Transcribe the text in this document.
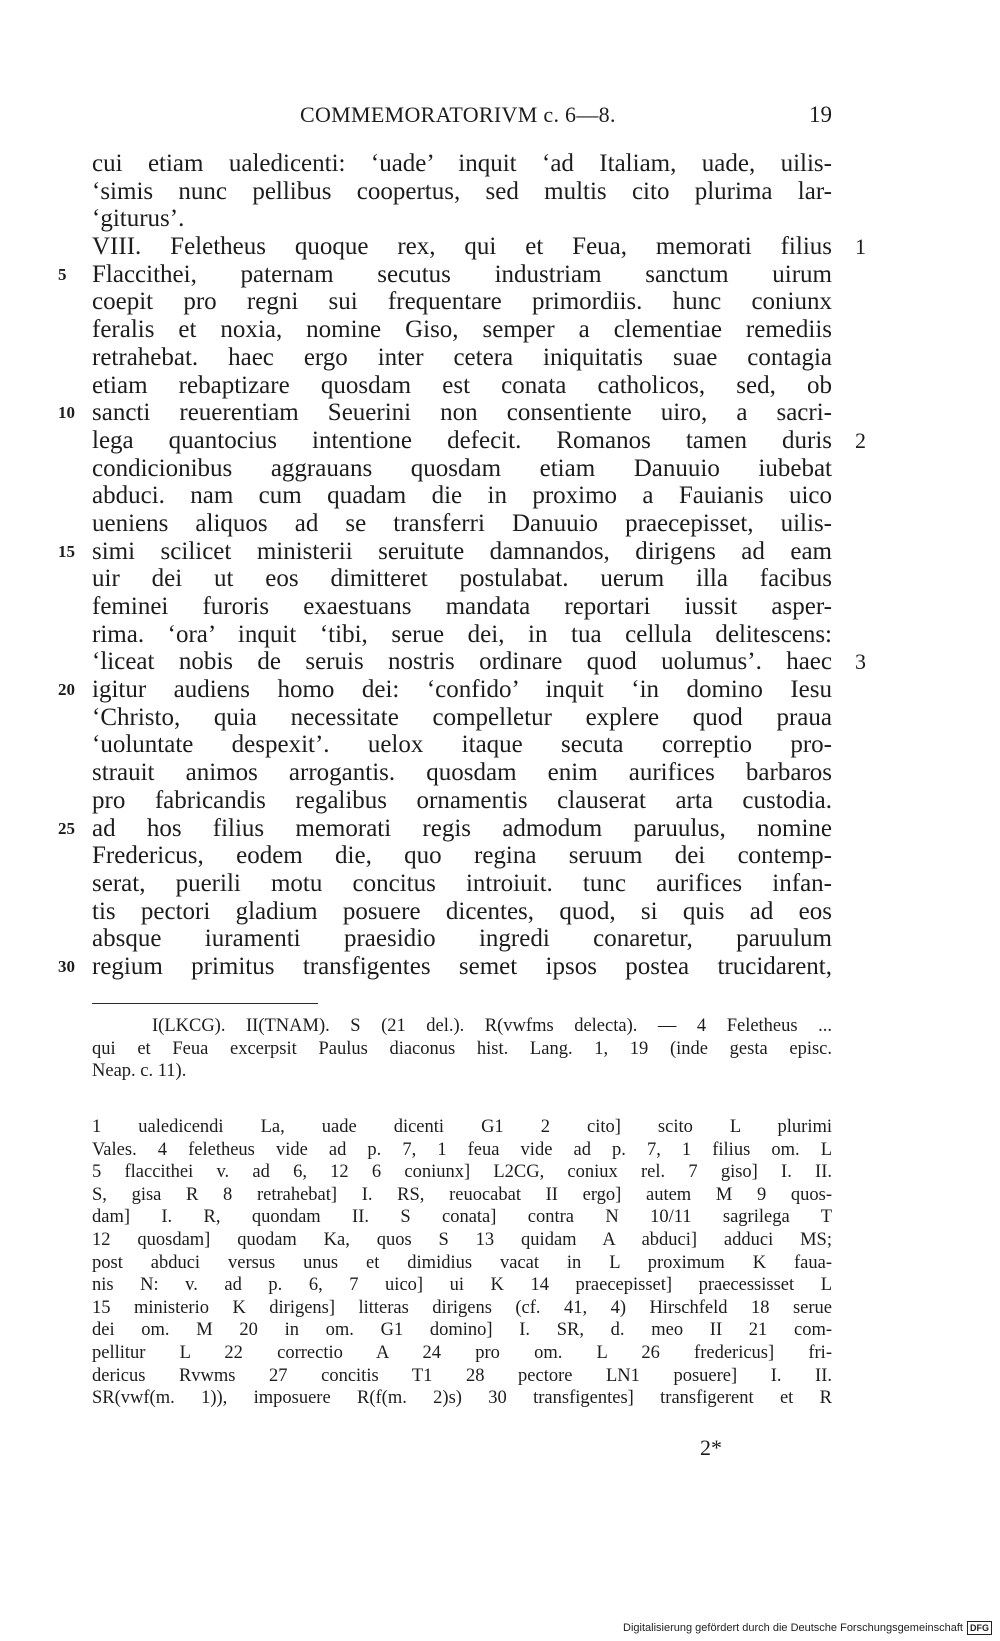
COMMEMORATORIVM c. 6—8.	19
cui etiam ualedicenti: ‘uade’ inquit ‘ad Italiam, uade, uilis-
‘simis nunc pellibus coopertus, sed multis cito plurima lar-
‘giturus’.
VIII. Feletheus quoque rex, qui et Feua, memorati filius 1
Flaccithei, paternam secutus industriam sanctum uirum
5
coepit pro regni sui frequentare primordiis. hunc coniunx
feralis et noxia, nomine Giso, semper a clementiae remediis
retrahebat. haec ergo inter cetera iniquitatis suae contagia
etiam rebaptizare quosdam est conata catholicos, sed, ob
sancti reuerentiam Seuerini non consentiente uiro, a sacri-
10
lega quantocius intentione defecit. Romanos tamen duris 2
condicionibus aggrauans quosdam etiam Danuuio iubebat
abduci. nam cum quadam die in proximo a Fauianis uico
ueniens aliquos ad se transferri Danuuio praecepisset, uilis-
simi scilicet ministerii seruitute damnandos, dirigens ad eam
15
uir dei ut eos dimitteret postulabat. uerum illa facibus
feminei furoris exaestuans mandata reportari iussit asper-
rima. ‘ora’ inquit ‘tibi, serue dei, in tua cellula delitescens:
‘liceat nobis de seruis nostris ordinare quod uolumus’. haec 3
igitur audiens homo dei: ‘confido’ inquit ‘in domino Iesu
20
‘Christo, quia necessitate compelletur explere quod praua
‘uoluntate despexit’. uelox itaque secuta correptio pro-
strauit animos arrogantis. quosdam enim aurifices barbaros
pro fabricandis regalibus ornamentis clauserat arta custodia.
ad hos filius memorati regis admodum paruulus, nomine
25
Fredericus, eodem die, quo regina seruum dei contemp-
serat, puerili motu concitus introiuit. tunc aurifices infan-
tis pectori gladium posuere dicentes, quod, si quis ad eos
absque iuramenti praesidio ingredi conaretur, paruulum
regium primitus transfigentes semet ipsos postea trucidarent,
30
I(LKCG). II(TNAM). S (21 del.). R(vwfms delecta). — 4 Feletheus ...
qui et Feua excerpsit Paulus diaconus hist. Lang. 1, 19 (inde gesta episc.
Neap. c. 11).
1 ualedicendi La, uade dicenti G1 2 cito] scito L plurimi
Vales. 4 feletheus vide ad p. 7, 1 feua vide ad p. 7, 1 filius om. L
5 flaccithei v. ad 6, 12 6 coniunx] L2CG, coniux rel. 7 giso] I. II.
S, gisa R 8 retrahebat] I. RS, reuocabat II ergo] autem M 9 quos-
dam] I. R, quondam II. S conata] contra N 10/11 sagrilega T
12 quosdam] quodam Ka, quos S 13 quidam A abduci] adduci MS;
post abduci versus unus et dimidius vacat in L proximum K faua-
nis N: v. ad p. 6, 7 uico] ui K 14 praecepisset] praecessisset L
15 ministerio K dirigens] litteras dirigens (cf. 41, 4) Hirschfeld 18 serue
dei om. M 20 in om. G1 domino] I. SR, d. meo II 21 com-
pellitur L 22 correctio A 24 pro om. L 26 fredericus] fri-
dericus Rvwms 27 concitis T1 28 pectore LN1 posuere] I. II.
SR(vwf(m. 1)), imposuere R(f(m. 2)s) 30 transfigentes] transfigerent et R
2*
Digitalisierung gefördert durch die Deutsche Forschungsgemeinschaft DFG
